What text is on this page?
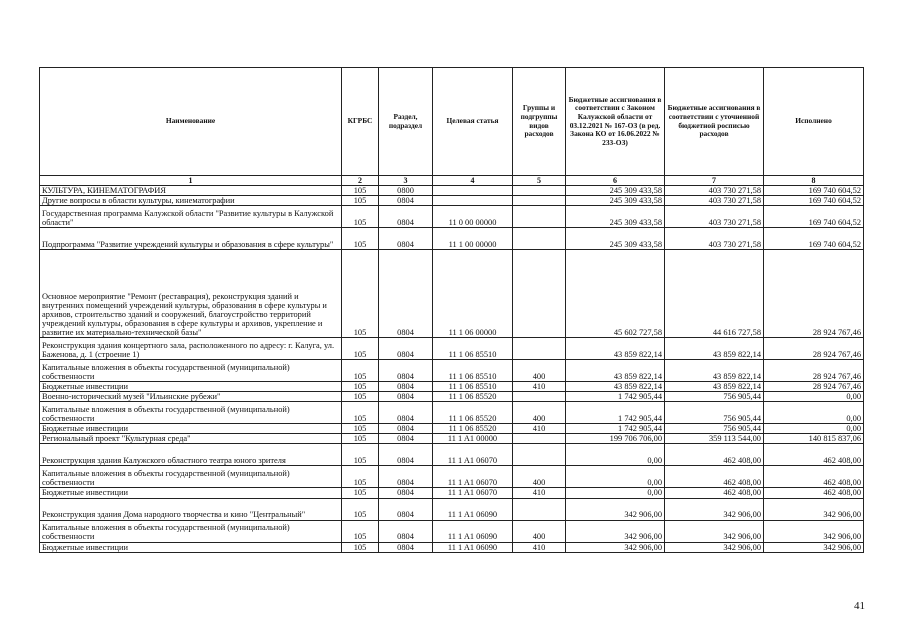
Наименование	КГРБС	Раздел, подраздел	Целевая статья	Группы и подгруппы видов расходов	Бюджетные ассигнования в соответствии с Законом Калужской области от 03.12.2021 № 167-ОЗ (в ред. Закона КО от 16.06.2022 № 233-ОЗ)	Бюджетные ассигнования в соответствии с уточненной бюджетной росписью расходов	Исполнено
1	2	3	4	5	6	7	8
КУЛЬТУРА, КИНЕМАТОГРАФИЯ	105	0800			245 309 433,58	403 730 271,58	169 740 604,52
Другие вопросы в области культуры, кинематографии	105	0804			245 309 433,58	403 730 271,58	169 740 604,52
Государственная программа Калужской области "Развитие культуры в Калужской области"	105	0804	11 0 00 00000		245 309 433,58	403 730 271,58	169 740 604,52
Подпрограмма "Развитие учреждений культуры и образования в сфере культуры"	105	0804	11 1 00 00000		245 309 433,58	403 730 271,58	169 740 604,52
Основное мероприятие "Ремонт (реставрация), реконструкция зданий и внутренних помещений учреждений культуры, образования в сфере культуры и архивов, строительство зданий и сооружений, благоустройство территорий учреждений культуры, образования в сфере культуры и архивов, укрепление и развитие их материально-технической базы"	105	0804	11 1 06 00000		45 602 727,58	44 616 727,58	28 924 767,46
Реконструкция здания концертного зала, расположенного по адресу: г. Калуга, ул. Баженова, д. 1 (строение 1)	105	0804	11 1 06 85510		43 859 822,14	43 859 822,14	28 924 767,46
Капитальные вложения в объекты государственной (муниципальной) собственности	105	0804	11 1 06 85510	400	43 859 822,14	43 859 822,14	28 924 767,46
Бюджетные инвестиции	105	0804	11 1 06 85510	410	43 859 822,14	43 859 822,14	28 924 767,46
Военно-исторический музей "Ильинские рубежи"	105	0804	11 1 06 85520		1 742 905,44	756 905,44	0,00
Капитальные вложения в объекты государственной (муниципальной) собственности	105	0804	11 1 06 85520	400	1 742 905,44	756 905,44	0,00
Бюджетные инвестиции	105	0804	11 1 06 85520	410	1 742 905,44	756 905,44	0,00
Региональный проект "Культурная среда"	105	0804	11 1 A1 00000		199 706 706,00	359 113 544,00	140 815 837,06
Реконструкция здания Калужского областного театра юного зрителя	105	0804	11 1 A1 06070		0,00	462 408,00	462 408,00
Капитальные вложения в объекты государственной (муниципальной) собственности	105	0804	11 1 A1 06070	400	0,00	462 408,00	462 408,00
Бюджетные инвестиции	105	0804	11 1 A1 06070	410	0,00	462 408,00	462 408,00
Реконструкция здания Дома народного творчества и кино "Центральный"	105	0804	11 1 A1 06090		342 906,00	342 906,00	342 906,00
Капитальные вложения в объекты государственной (муниципальной) собственности	105	0804	11 1 A1 06090	400	342 906,00	342 906,00	342 906,00
Бюджетные инвестиции	105	0804	11 1 A1 06090	410	342 906,00	342 906,00	342 906,00
41
